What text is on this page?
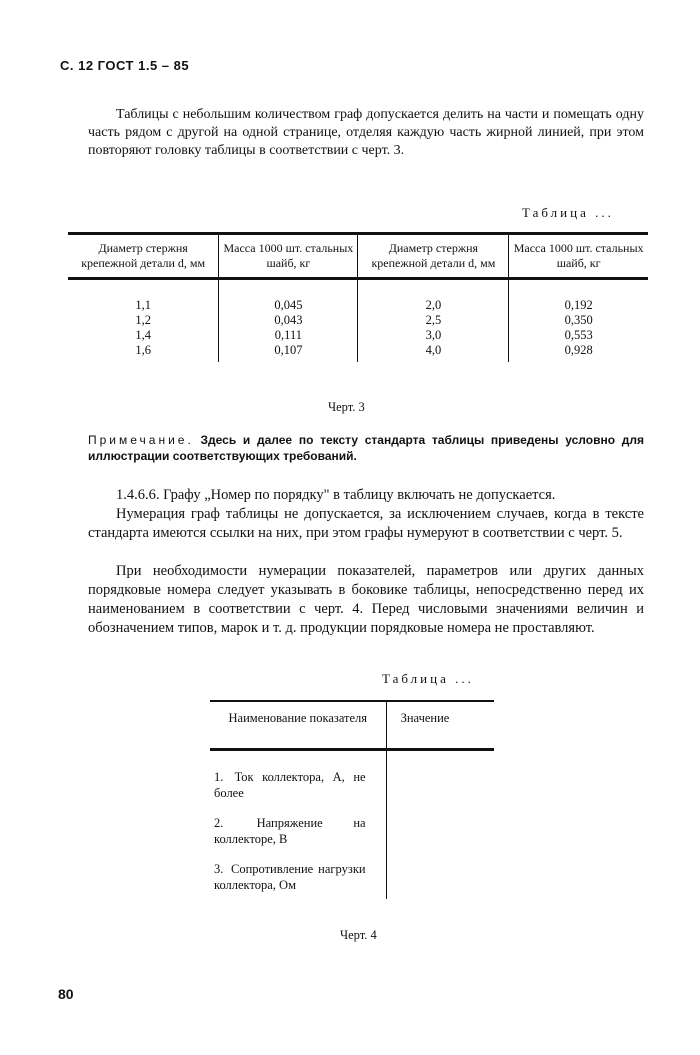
С. 12 ГОСТ 1.5 – 85
Таблицы с небольшим количеством граф допускается делить на части и помещать одну часть рядом с другой на одной странице, отделяя каждую часть жирной линией, при этом повторяют головку таблицы в соответствии с черт. 3.
Таблица ...
Диаметр стержня крепежной детали d, мм	Масса 1000 шт. стальных шайб, кг	Диаметр стержня крепежной детали d, мм	Масса 1000 шт. стальных шайб, кг
1,1	0,045	2,0	0,192
1,2	0,043	2,5	0,350
1,4	0,111	3,0	0,553
1,6	0,107	4,0	0,928
Черт. 3
Примечание. Здесь и далее по тексту стандарта таблицы приведены условно для иллюстрации соответствующих требований.
1.4.6.6. Графу „Номер по порядку" в таблицу включать не допускается.
Нумерация граф таблицы не допускается, за исключением случаев, когда в тексте стандарта имеются ссылки на них, при этом графы нумеруют в соответствии с черт. 5.
При необходимости нумерации показателей, параметров или других данных порядковые номера следует указывать в боковике таблицы, непосредственно перед их наименованием в соответствии с черт. 4. Перед числовыми значениями величин и обозначением типов, марок и т. д. продукции порядковые номера не проставляют.
Таблица ...
Наименование показателя	Значение

1. Ток коллектора, А, не более
2. Напряжение на коллекторе, В
3. Сопротивление нагрузки коллектора, Ом	

Черт. 4
80
